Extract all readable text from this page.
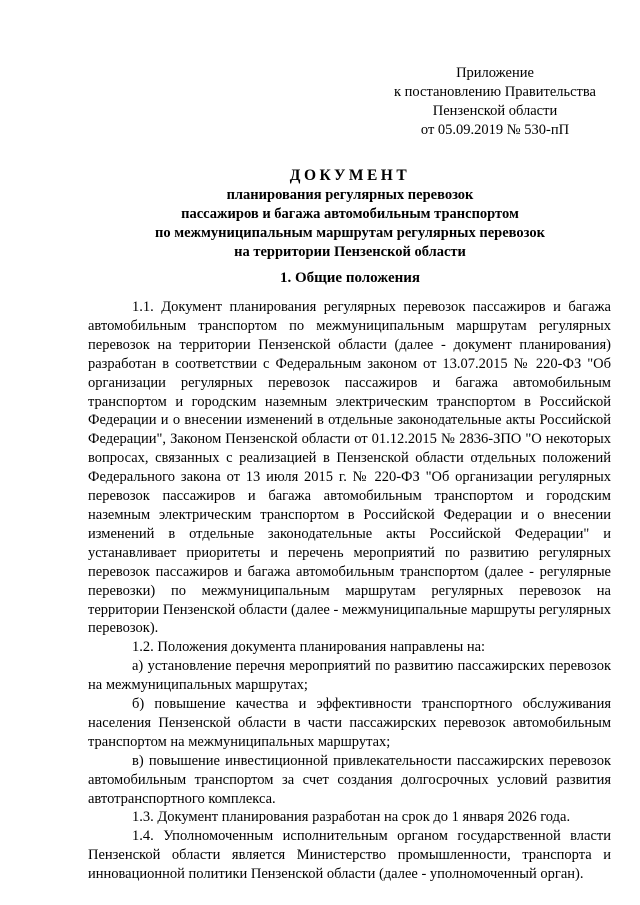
Приложение
к постановлению Правительства
Пензенской области
от 05.09.2019 № 530-пП
ДОКУМЕНТ
планирования регулярных перевозок
пассажиров и багажа автомобильным транспортом
по межмуниципальным маршрутам регулярных перевозок
на территории Пензенской области
1. Общие положения

1.1. Документ планирования регулярных перевозок пассажиров и багажа автомобильным транспортом по межмуниципальным маршрутам регулярных перевозок на территории Пензенской области (далее - документ планирования) разработан в соответствии с Федеральным законом от 13.07.2015 № 220-ФЗ "Об организации регулярных перевозок пассажиров и багажа автомобильным транспортом и городским наземным электрическим транспортом в Российской Федерации и о внесении изменений в отдельные законодательные акты Российской Федерации", Законом Пензенской области от 01.12.2015 № 2836-ЗПО "О некоторых вопросах, связанных с реализацией в Пензенской области отдельных положений Федерального закона от 13 июля 2015 г. № 220-ФЗ "Об организации регулярных перевозок пассажиров и багажа автомобильным транспортом и городским наземным электрическим транспортом в Российской Федерации и о внесении изменений в отдельные законодательные акты Российской Федерации" и устанавливает приоритеты и перечень мероприятий по развитию регулярных перевозок пассажиров и багажа автомобильным транспортом (далее - регулярные перевозки) по межмуниципальным маршрутам регулярных перевозок на территории Пензенской области (далее - межмуниципальные маршруты регулярных перевозок).

1.2. Положения документа планирования направлены на:

а) установление перечня мероприятий по развитию пассажирских перевозок на межмуниципальных маршрутах;

б) повышение качества и эффективности транспортного обслуживания населения Пензенской области в части пассажирских перевозок автомобильным транспортом на межмуниципальных маршрутах;

в) повышение инвестиционной привлекательности пассажирских перевозок автомобильным транспортом за счет создания долгосрочных условий развития автотранспортного комплекса.

1.3. Документ планирования разработан на срок до 1 января 2026 года.

1.4. Уполномоченным исполнительным органом государственной власти Пензенской области является Министерство промышленности, транспорта и инновационной политики Пензенской области (далее - уполномоченный орган).
